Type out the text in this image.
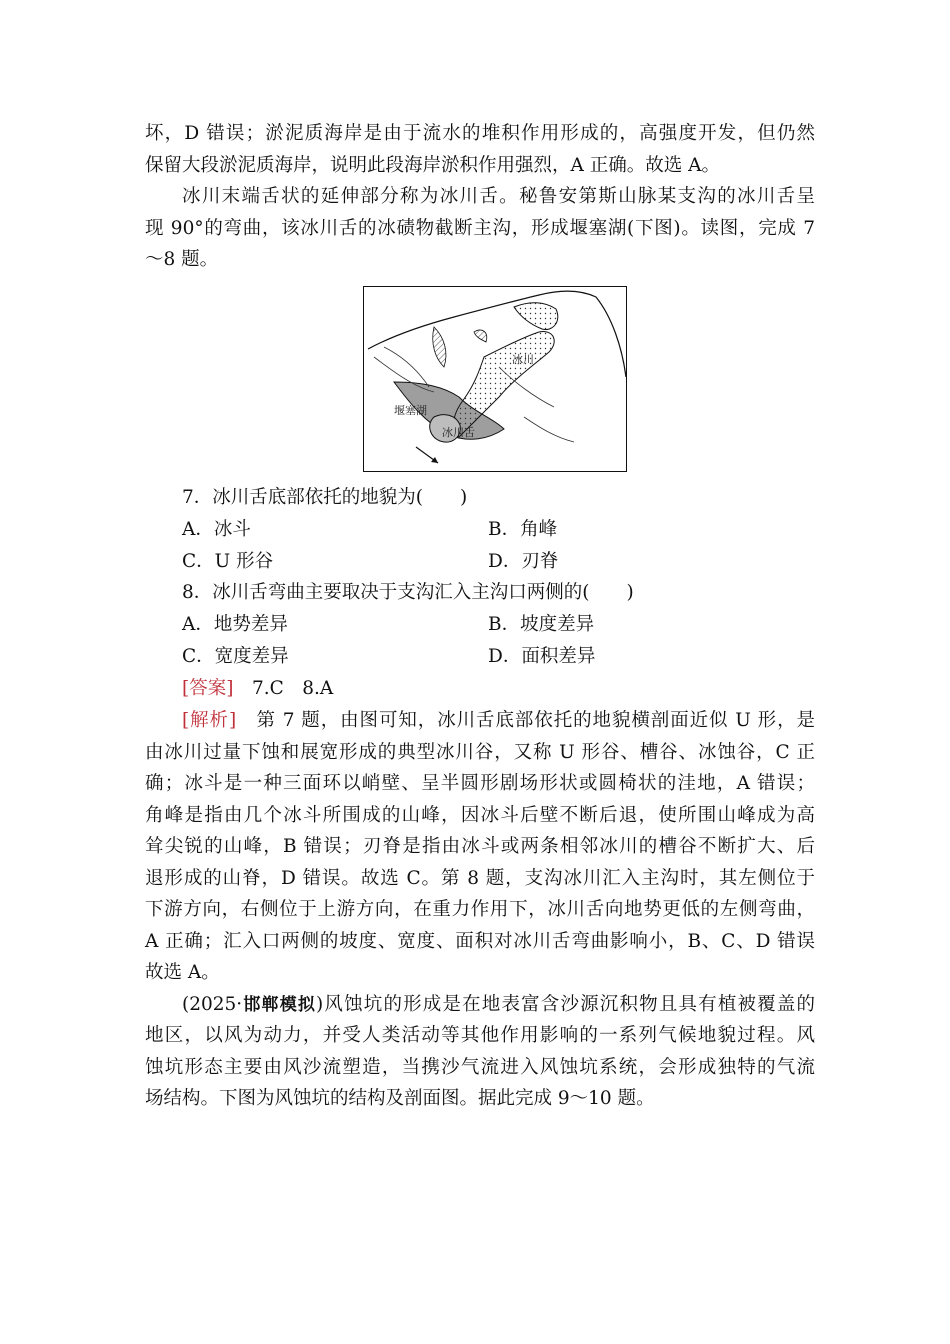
坏，D 错误；淤泥质海岸是由于流水的堆积作用形成的，高强度开发，但仍然
保留大段淤泥质海岸，说明此段海岸淤积作用强烈，A 正确。故选 A。
冰川末端舌状的延伸部分称为冰川舌。秘鲁安第斯山脉某支沟的冰川舌呈
现 90°的弯曲，该冰川舌的冰碛物截断主沟，形成堰塞湖(下图)。读图，完成 7
～8 题。
冰川
堰塞湖
冰川舌
7．冰川舌底部依托的地貌为(　　)
A．冰斗	B．角峰
C．U 形谷	D．刃脊
8．冰川舌弯曲主要取决于支沟汇入主沟口两侧的(　　)
A．地势差异	B．坡度差异
C．宽度差异	D．面积差异
[答案]　7.C　8.A
[解析]　第 7 题，由图可知，冰川舌底部依托的地貌横剖面近似 U 形，是
由冰川过量下蚀和展宽形成的典型冰川谷，又称 U 形谷、槽谷、冰蚀谷，C 正
确；冰斗是一种三面环以峭壁、呈半圆形剧场形状或圆椅状的洼地，A 错误；
角峰是指由几个冰斗所围成的山峰，因冰斗后壁不断后退，使所围山峰成为高
耸尖锐的山峰，B 错误；刃脊是指由冰斗或两条相邻冰川的槽谷不断扩大、后
退形成的山脊，D 错误。故选 C。第 8 题，支沟冰川汇入主沟时，其左侧位于
下游方向，右侧位于上游方向，在重力作用下，冰川舌向地势更低的左侧弯曲，
A 正确；汇入口两侧的坡度、宽度、面积对冰川舌弯曲影响小，B、C、D 错误
故选 A。
(2025·邯郸模拟)风蚀坑的形成是在地表富含沙源沉积物且具有植被覆盖的
地区，以风为动力，并受人类活动等其他作用影响的一系列气候地貌过程。风
蚀坑形态主要由风沙流塑造，当携沙气流进入风蚀坑系统，会形成独特的气流
场结构。下图为风蚀坑的结构及剖面图。据此完成 9～10 题。
